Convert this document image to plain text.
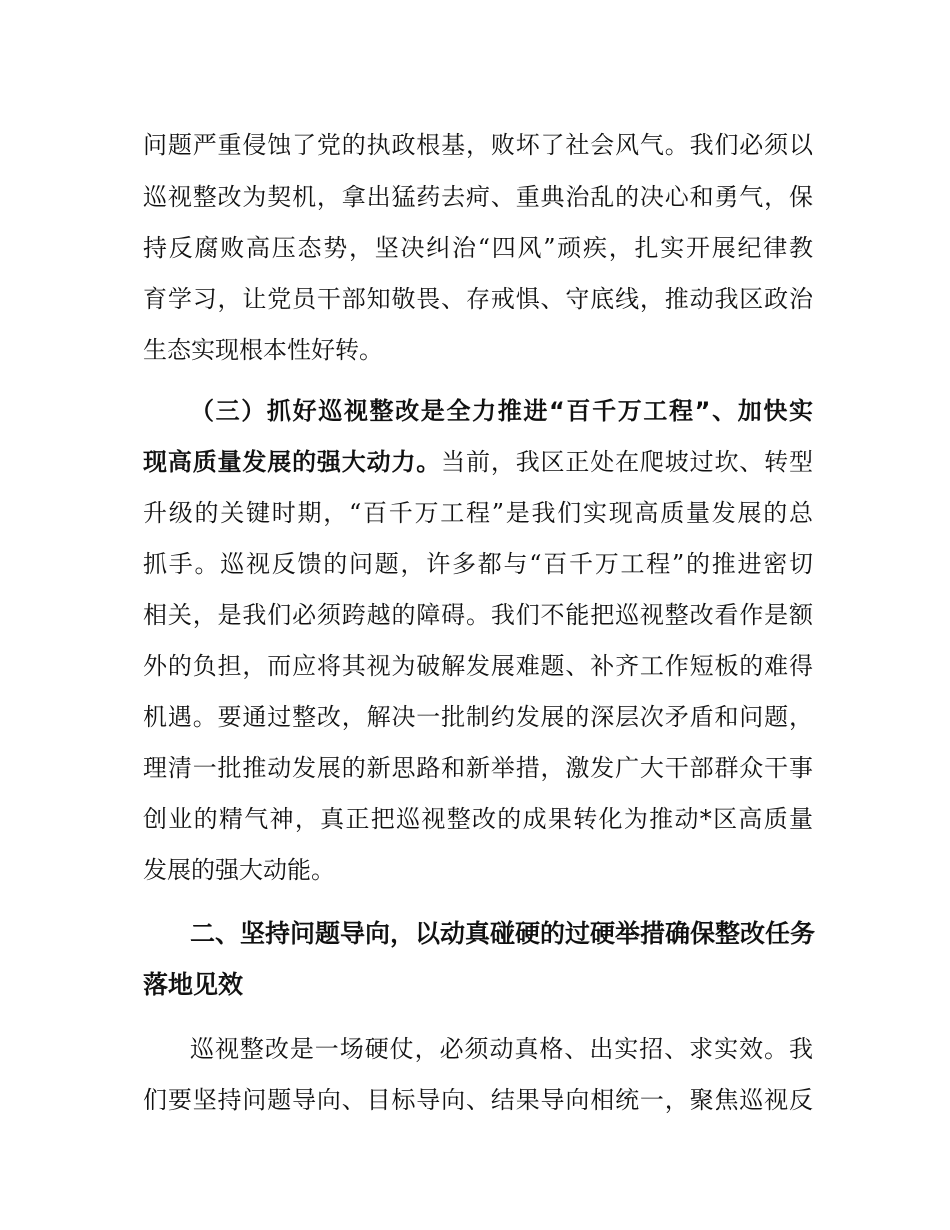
问题严重侵蚀了党的执政根基，败坏了社会风气。我们必须以
巡视整改为契机，拿出猛药去疴、重典治乱的决心和勇气，保
持反腐败高压态势，坚决纠治“四风”顽疾，扎实开展纪律教
育学习，让党员干部知敬畏、存戒惧、守底线，推动我区政治
生态实现根本性好转。
（三）抓好巡视整改是全力推进“百千万工程”、加快实
现高质量发展的强大动力。当前，我区正处在爬坡过坎、转型
升级的关键时期，“百千万工程”是我们实现高质量发展的总
抓手。巡视反馈的问题，许多都与“百千万工程”的推进密切
相关，是我们必须跨越的障碍。我们不能把巡视整改看作是额
外的负担，而应将其视为破解发展难题、补齐工作短板的难得
机遇。要通过整改，解决一批制约发展的深层次矛盾和问题，
理清一批推动发展的新思路和新举措，激发广大干部群众干事
创业的精气神，真正把巡视整改的成果转化为推动*区高质量
发展的强大动能。
二、坚持问题导向，以动真碰硬的过硬举措确保整改任务
落地见效
巡视整改是一场硬仗，必须动真格、出实招、求实效。我
们要坚持问题导向、目标导向、结果导向相统一，聚焦巡视反
